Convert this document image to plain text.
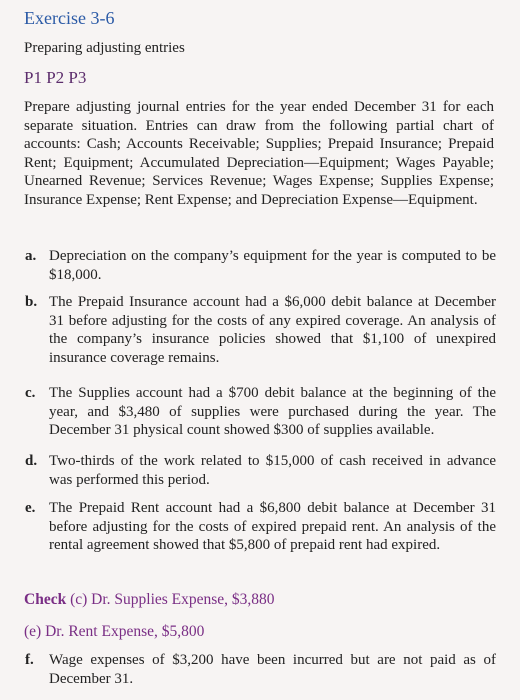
Exercise 3-6
Preparing adjusting entries
P1 P2 P3
Prepare adjusting journal entries for the year ended December 31 for each separate situation. Entries can draw from the following partial chart of accounts: Cash; Accounts Receivable; Supplies; Prepaid Insurance; Prepaid Rent; Equipment; Accumulated Depreciation—Equipment; Wages Payable; Unearned Revenue; Services Revenue; Wages Expense; Supplies Expense; Insurance Expense; Rent Expense; and Depreciation Expense—Equipment.
a. Depreciation on the company’s equipment for the year is computed to be $18,000.
b. The Prepaid Insurance account had a $6,000 debit balance at December 31 before adjusting for the costs of any expired coverage. An analysis of the company’s insurance policies showed that $1,100 of unexpired insurance coverage remains.
c. The Supplies account had a $700 debit balance at the beginning of the year, and $3,480 of supplies were purchased during the year. The December 31 physical count showed $300 of supplies available.
d. Two-thirds of the work related to $15,000 of cash received in advance was performed this period.
e. The Prepaid Rent account had a $6,800 debit balance at December 31 before adjusting for the costs of expired prepaid rent. An analysis of the rental agreement showed that $5,800 of prepaid rent had expired.
Check (c) Dr. Supplies Expense, $3,880
(e) Dr. Rent Expense, $5,800
f.	Wage expenses of $3,200 have been incurred but are not paid as of December 31.
